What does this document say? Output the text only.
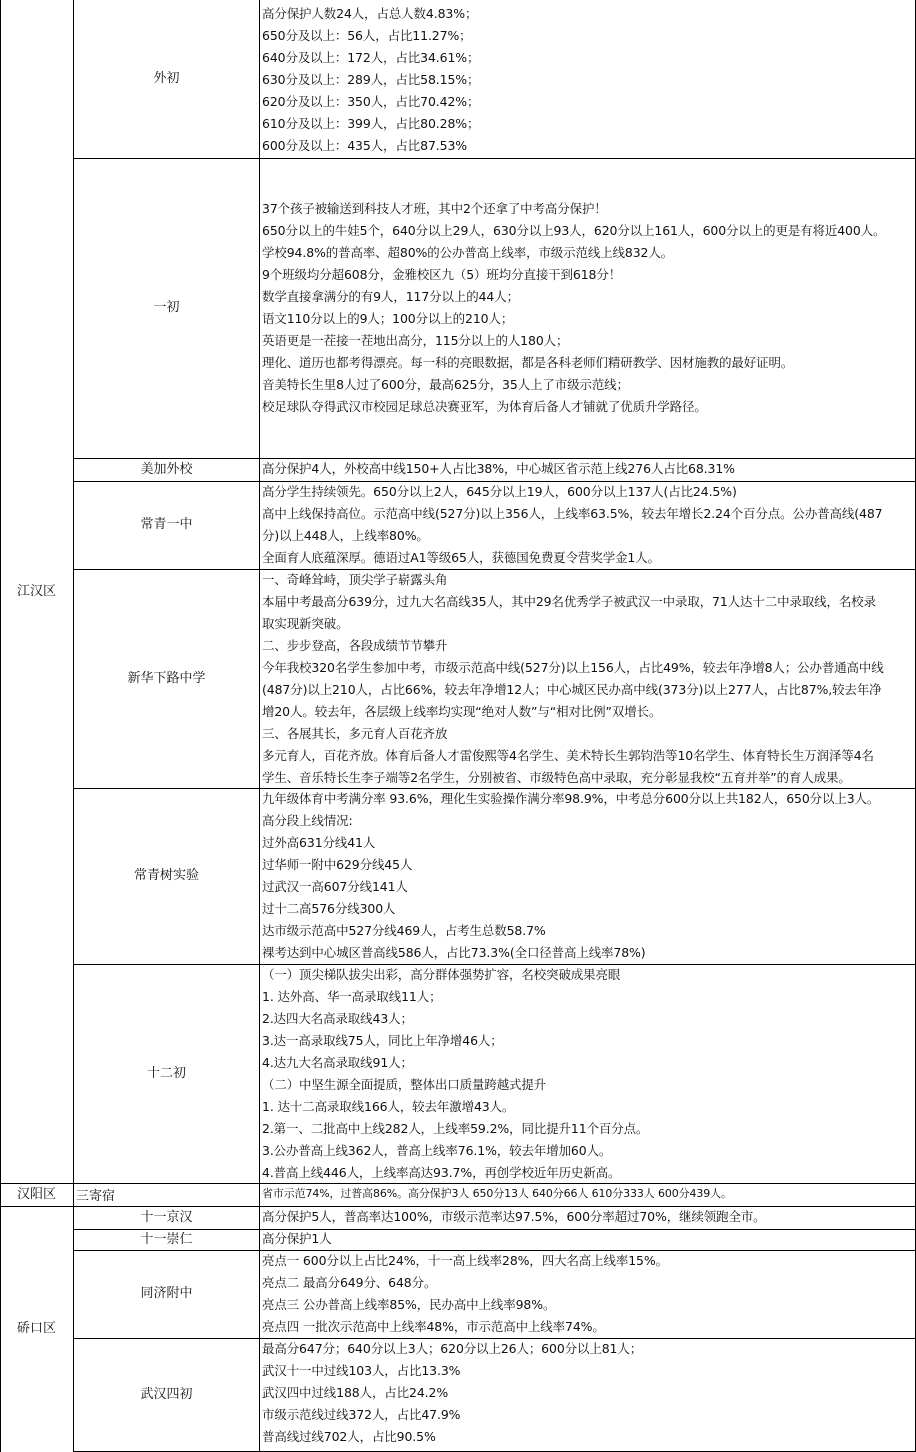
江汉区
汉阳区
硚口区
外初
一初
美加外校
常青一中
新华下路中学
常青树实验
十二初
三寄宿
十一京汉
十一崇仁
同济附中
武汉四初
高分保护人数24人，占总人数4.83%；
650分及以上：56人，占比11.27%；
640分及以上：172人，占比34.61%；
630分及以上：289人，占比58.15%；
620分及以上：350人，占比70.42%；
610分及以上：399人，占比80.28%；
600分及以上：435人，占比87.53%
37个孩子被输送到科技人才班，其中2个还拿了中考高分保护！
650分以上的牛娃5个，640分以上29人，630分以上93人，620分以上161人，600分以上的更是有将近400人。
学校94.8%的普高率、超80%的公办普高上线率，市级示范线上线832人。
9个班级均分超608分，金雅校区九（5）班均分直接干到618分！
数学直接拿满分的有9人，117分以上的44人；
语文110分以上的9人；100分以上的210人；
英语更是一茬接一茬地出高分，115分以上的人180人；
理化、道历也都考得漂亮。每一科的亮眼数据，都是各科老师们精研教学、因材施教的最好证明。
音美特长生里8人过了600分，最高625分，35人上了市级示范线；
校足球队夺得武汉市校园足球总决赛亚军，为体育后备人才铺就了优质升学路径。
高分保护4人，外校高中线150+人占比38%，中心城区省示范上线276人占比68.31%
高分学生持续领先。650分以上2人，645分以上19人，600分以上137人(占比24.5%)
高中上线保持高位。示范高中线(527分)以上356人，上线率63.5%，较去年增长2.24个百分点。公办普高线(487
分)以上448人，上线率80%。
全面育人底蕴深厚。德语过A1等级65人，获德国免费夏令营奖学金1人。
一、奇峰耸峙，顶尖学子崭露头角
本届中考最高分639分，过九大名高线35人，其中29名优秀学子被武汉一中录取，71人达十二中录取线，名校录
取实现新突破。
二、步步登高，各段成绩节节攀升
今年我校320名学生参加中考，市级示范高中线(527分)以上156人，占比49%，较去年净增8人；公办普通高中线
(487分)以上210人，占比66%，较去年净增12人；中心城区民办高中线(373分)以上277人，占比87%,较去年净
增20人。较去年，各层级上线率均实现“绝对人数”与“相对比例”双增长。
三、各展其长，多元育人百花齐放
多元育人，百花齐放。体育后备人才雷俊熙等4名学生、美术特长生郭钧浩等10名学生、体育特长生万润泽等4名
学生、音乐特长生李子端等2名学生，分别被省、市级特色高中录取，充分彰显我校“五育并举”的育人成果。
九年级体育中考满分率 93.6%，理化生实验操作满分率98.9%，中考总分600分以上共182人，650分以上3人。
高分段上线情况:
过外高631分线41人
过华师一附中629分线45人
过武汉一高607分线141人
过十二高576分线300人
达市级示范高中527分线469人，占考生总数58.7%
裸考达到中心城区普高线586人，占比73.3%(全口径普高上线率78%)
（一）顶尖梯队拔尖出彩，高分群体强势扩容，名校突破成果亮眼
1. 达外高、华一高录取线11人；
2.达四大名高录取线43人；
3.达一高录取线75人，同比上年净增46人；
4.达九大名高录取线91人；
（二）中坚生源全面提质，整体出口质量跨越式提升
1. 达十二高录取线166人，较去年激增43人。
2.第一、二批高中上线282人，上线率59.2%，同比提升11个百分点。
3.公办普高上线362人，普高上线率76.1%，较去年增加60人。
4.普高上线446人，上线率高达93.7%，再创学校近年历史新高。
省市示范74%，过普高86%。高分保护3人 650分13人 640分66人 610分333人 600分439人。
高分保护5人，普高率达100%，市级示范率达97.5%，600分率超过70%，继续领跑全市。
高分保护1人
亮点一 600分以上占比24%，十一高上线率28%，四大名高上线率15%。
亮点二 最高分649分、648分。
亮点三 公办普高上线率85%，民办高中上线率98%。
亮点四 一批次示范高中上线率48%，市示范高中上线率74%。
最高分647分；640分以上3人；620分以上26人；600分以上81人；
武汉十一中过线103人，占比13.3%
武汉四中过线188人，占比24.2%
市级示范线过线372人，占比47.9%
普高线过线702人，占比90.5%
